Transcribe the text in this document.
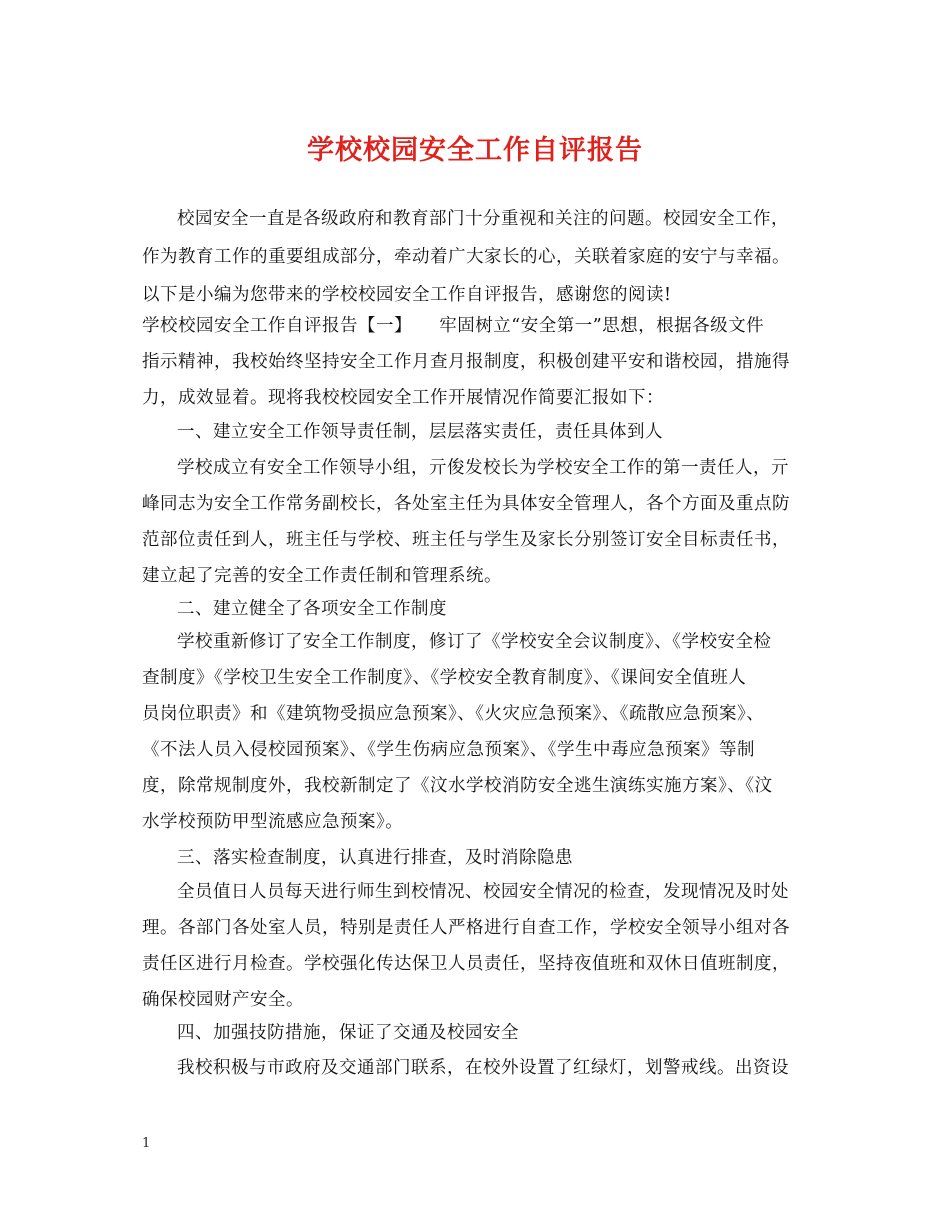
学校校园安全工作自评报告
校园安全一直是各级政府和教育部门十分重视和关注的问题。校园安全工作，
作为教育工作的重要组成部分，牵动着广大家长的心，关联着家庭的安宁与幸福。
以下是小编为您带来的学校校园安全工作自评报告，感谢您的阅读!
学校校园安全工作自评报告【一】　　牢固树立“安全第一”思想，根据各级文件
指示精神，我校始终坚持安全工作月查月报制度，积极创建平安和谐校园，措施得
力，成效显着。现将我校校园安全工作开展情况作简要汇报如下：
一、建立安全工作领导责任制，层层落实责任，责任具体到人
学校成立有安全工作领导小组，亓俊发校长为学校安全工作的第一责任人，亓
峰同志为安全工作常务副校长，各处室主任为具体安全管理人，各个方面及重点防
范部位责任到人，班主任与学校、班主任与学生及家长分别签订安全目标责任书，
建立起了完善的安全工作责任制和管理系统。
二、建立健全了各项安全工作制度
学校重新修订了安全工作制度，修订了《学校安全会议制度》、《学校安全检
查制度》《学校卫生安全工作制度》、《学校安全教育制度》、《课间安全值班人
员岗位职责》和《建筑物受损应急预案》、《火灾应急预案》、《疏散应急预案》、
《不法人员入侵校园预案》、《学生伤病应急预案》、《学生中毒应急预案》等制
度，除常规制度外，我校新制定了《汶水学校消防安全逃生演练实施方案》、《汶
水学校预防甲型流感应急预案》。
三、落实检查制度，认真进行排查，及时消除隐患
全员值日人员每天进行师生到校情况、校园安全情况的检查，发现情况及时处
理。各部门各处室人员，特别是责任人严格进行自查工作，学校安全领导小组对各
责任区进行月检查。学校强化传达保卫人员责任，坚持夜值班和双休日值班制度，
确保校园财产安全。
四、加强技防措施，保证了交通及校园安全
我校积极与市政府及交通部门联系，在校外设置了红绿灯，划警戒线。出资设
1
